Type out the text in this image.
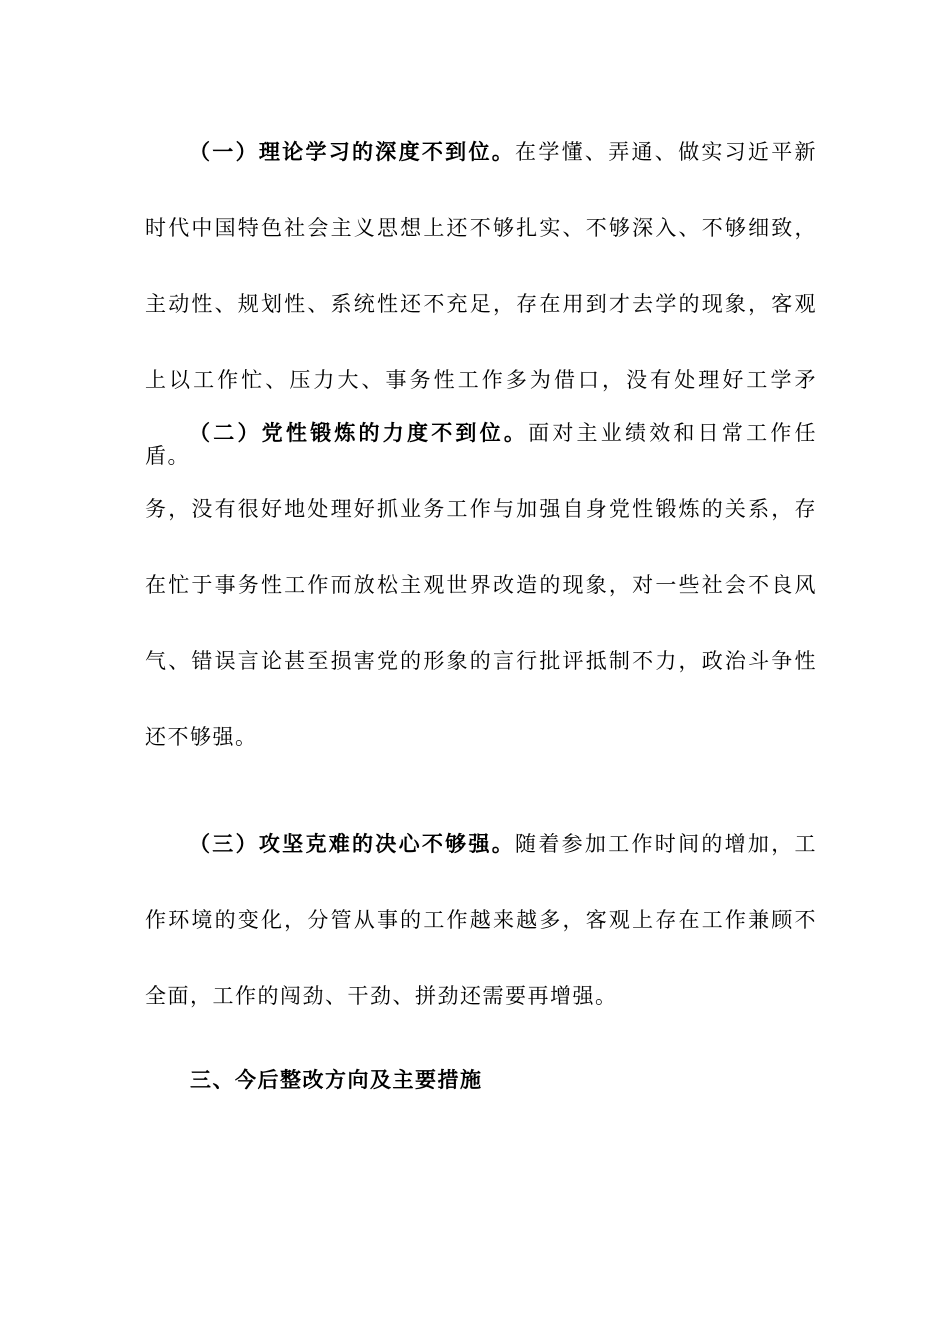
（一）理论学习的深度不到位。在学懂、弄通、做实习近平新时代中国特色社会主义思想上还不够扎实、不够深入、不够细致，主动性、规划性、系统性还不充足，存在用到才去学的现象，客观上以工作忙、压力大、事务性工作多为借口，没有处理好工学矛盾。

（二）党性锻炼的力度不到位。面对主业绩效和日常工作任务，没有很好地处理好抓业务工作与加强自身党性锻炼的关系，存在忙于事务性工作而放松主观世界改造的现象，对一些社会不良风气、错误言论甚至损害党的形象的言行批评抵制不力，政治斗争性还不够强。

（三）攻坚克难的决心不够强。随着参加工作时间的增加，工作环境的变化，分管从事的工作越来越多，客观上存在工作兼顾不全面，工作的闯劲、干劲、拼劲还需要再增强。

三、今后整改方向及主要措施
